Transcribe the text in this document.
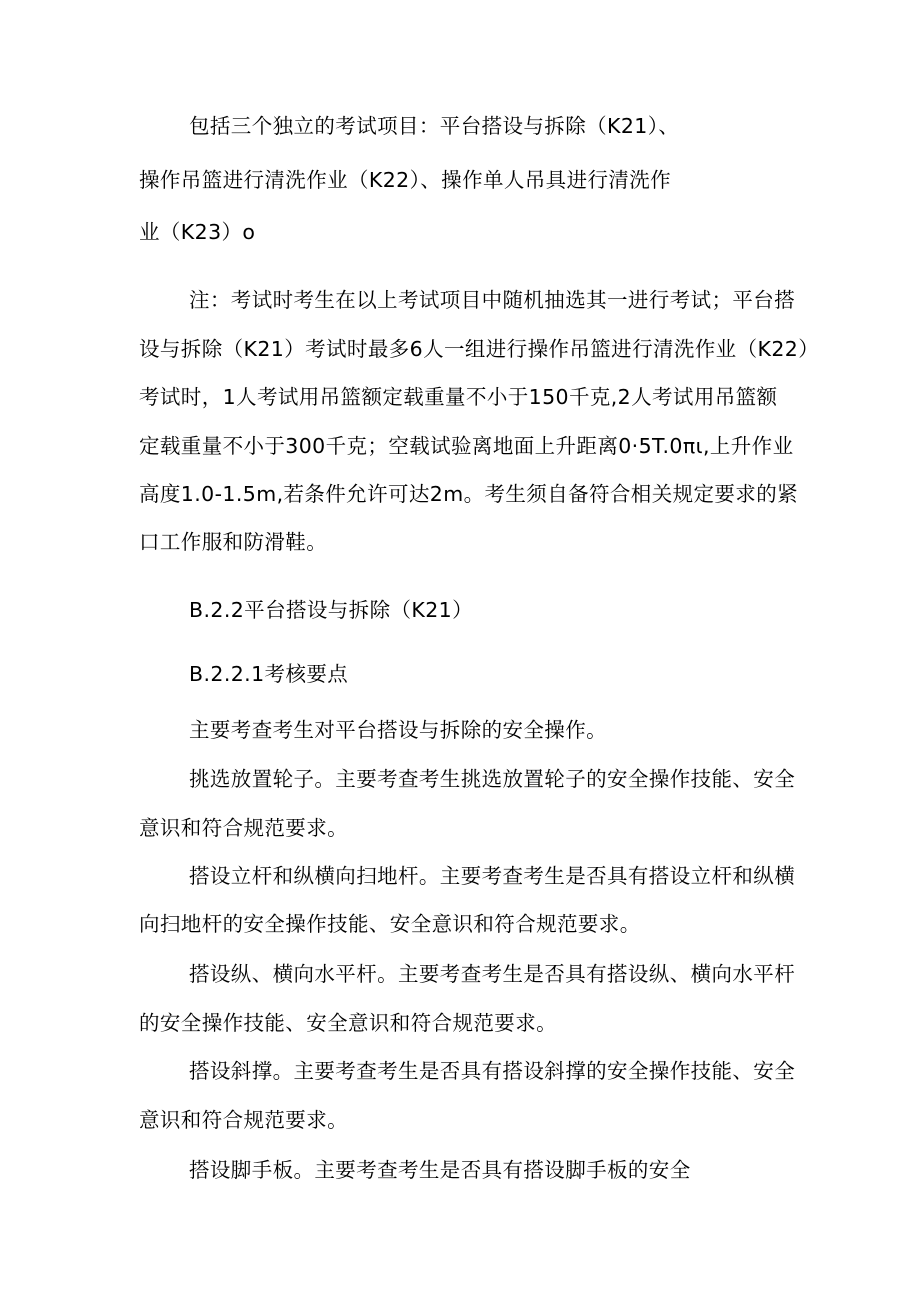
包括三个独立的考试项目：平台搭设与拆除（K21）、
操作吊篮进行清洗作业（K22）、操作单人吊具进行清洗作
业（K23）o
注：考试时考生在以上考试项目中随机抽选其一进行考试；平台搭
设与拆除（K21）考试时最多6人一组进行操作吊篮进行清洗作业（K22）
考试时，1人考试用吊篮额定载重量不小于150千克,2人考试用吊篮额
定载重量不小于300千克；空载试验离地面上升距离0·5T.0πι,上升作业
高度1.0-1.5m,若条件允许可达2m。考生须自备符合相关规定要求的紧
口工作服和防滑鞋。
B.2.2平台搭设与拆除（K21）
B.2.2.1考核要点
主要考查考生对平台搭设与拆除的安全操作。
挑选放置轮子。主要考查考生挑选放置轮子的安全操作技能、安全
意识和符合规范要求。
搭设立杆和纵横向扫地杆。主要考查考生是否具有搭设立杆和纵横
向扫地杆的安全操作技能、安全意识和符合规范要求。
搭设纵、横向水平杆。主要考查考生是否具有搭设纵、横向水平杆
的安全操作技能、安全意识和符合规范要求。
搭设斜撑。主要考查考生是否具有搭设斜撑的安全操作技能、安全
意识和符合规范要求。
搭设脚手板。主要考查考生是否具有搭设脚手板的安全
